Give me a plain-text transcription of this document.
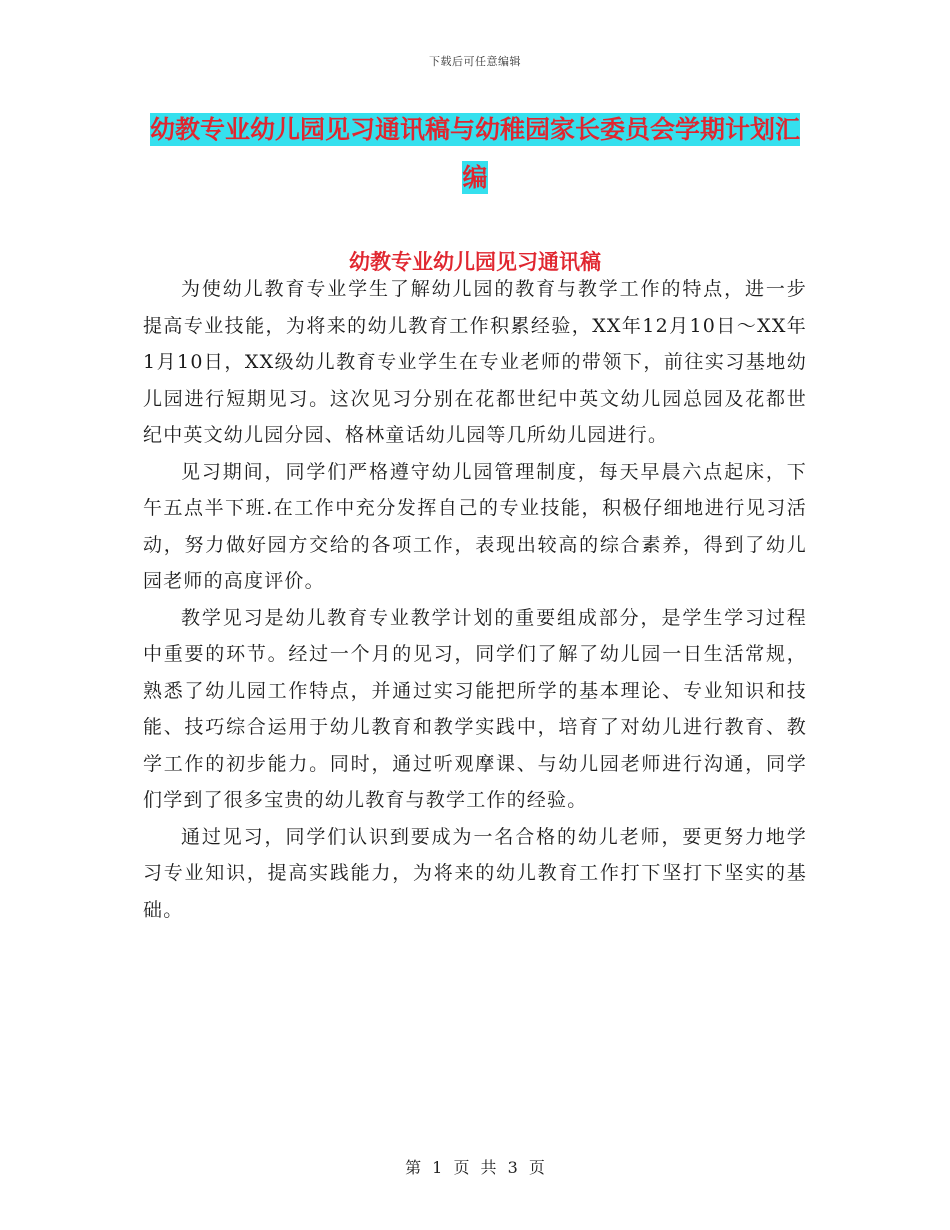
下载后可任意编辑
幼教专业幼儿园见习通讯稿与幼稚园家长委员会学期计划汇编
幼教专业幼儿园见习通讯稿

为使幼儿教育专业学生了解幼儿园的教育与教学工作的特点，进一步提高专业技能，为将来的幼儿教育工作积累经验，XX年12月10日～XX年1月10日，XX级幼儿教育专业学生在专业老师的带领下，前往实习基地幼儿园进行短期见习。这次见习分别在花都世纪中英文幼儿园总园及花都世纪中英文幼儿园分园、格林童话幼儿园等几所幼儿园进行。

见习期间，同学们严格遵守幼儿园管理制度，每天早晨六点起床，下午五点半下班.在工作中充分发挥自己的专业技能，积极仔细地进行见习活动，努力做好园方交给的各项工作，表现出较高的综合素养，得到了幼儿园老师的高度评价。

教学见习是幼儿教育专业教学计划的重要组成部分，是学生学习过程中重要的环节。经过一个月的见习，同学们了解了幼儿园一日生活常规，熟悉了幼儿园工作特点，并通过实习能把所学的基本理论、专业知识和技能、技巧综合运用于幼儿教育和教学实践中，培育了对幼儿进行教育、教学工作的初步能力。同时，通过听观摩课、与幼儿园老师进行沟通，同学们学到了很多宝贵的幼儿教育与教学工作的经验。

通过见习，同学们认识到要成为一名合格的幼儿老师，要更努力地学习专业知识，提高实践能力，为将来的幼儿教育工作打下坚打下坚实的基础。

第 1 页 共 3 页
